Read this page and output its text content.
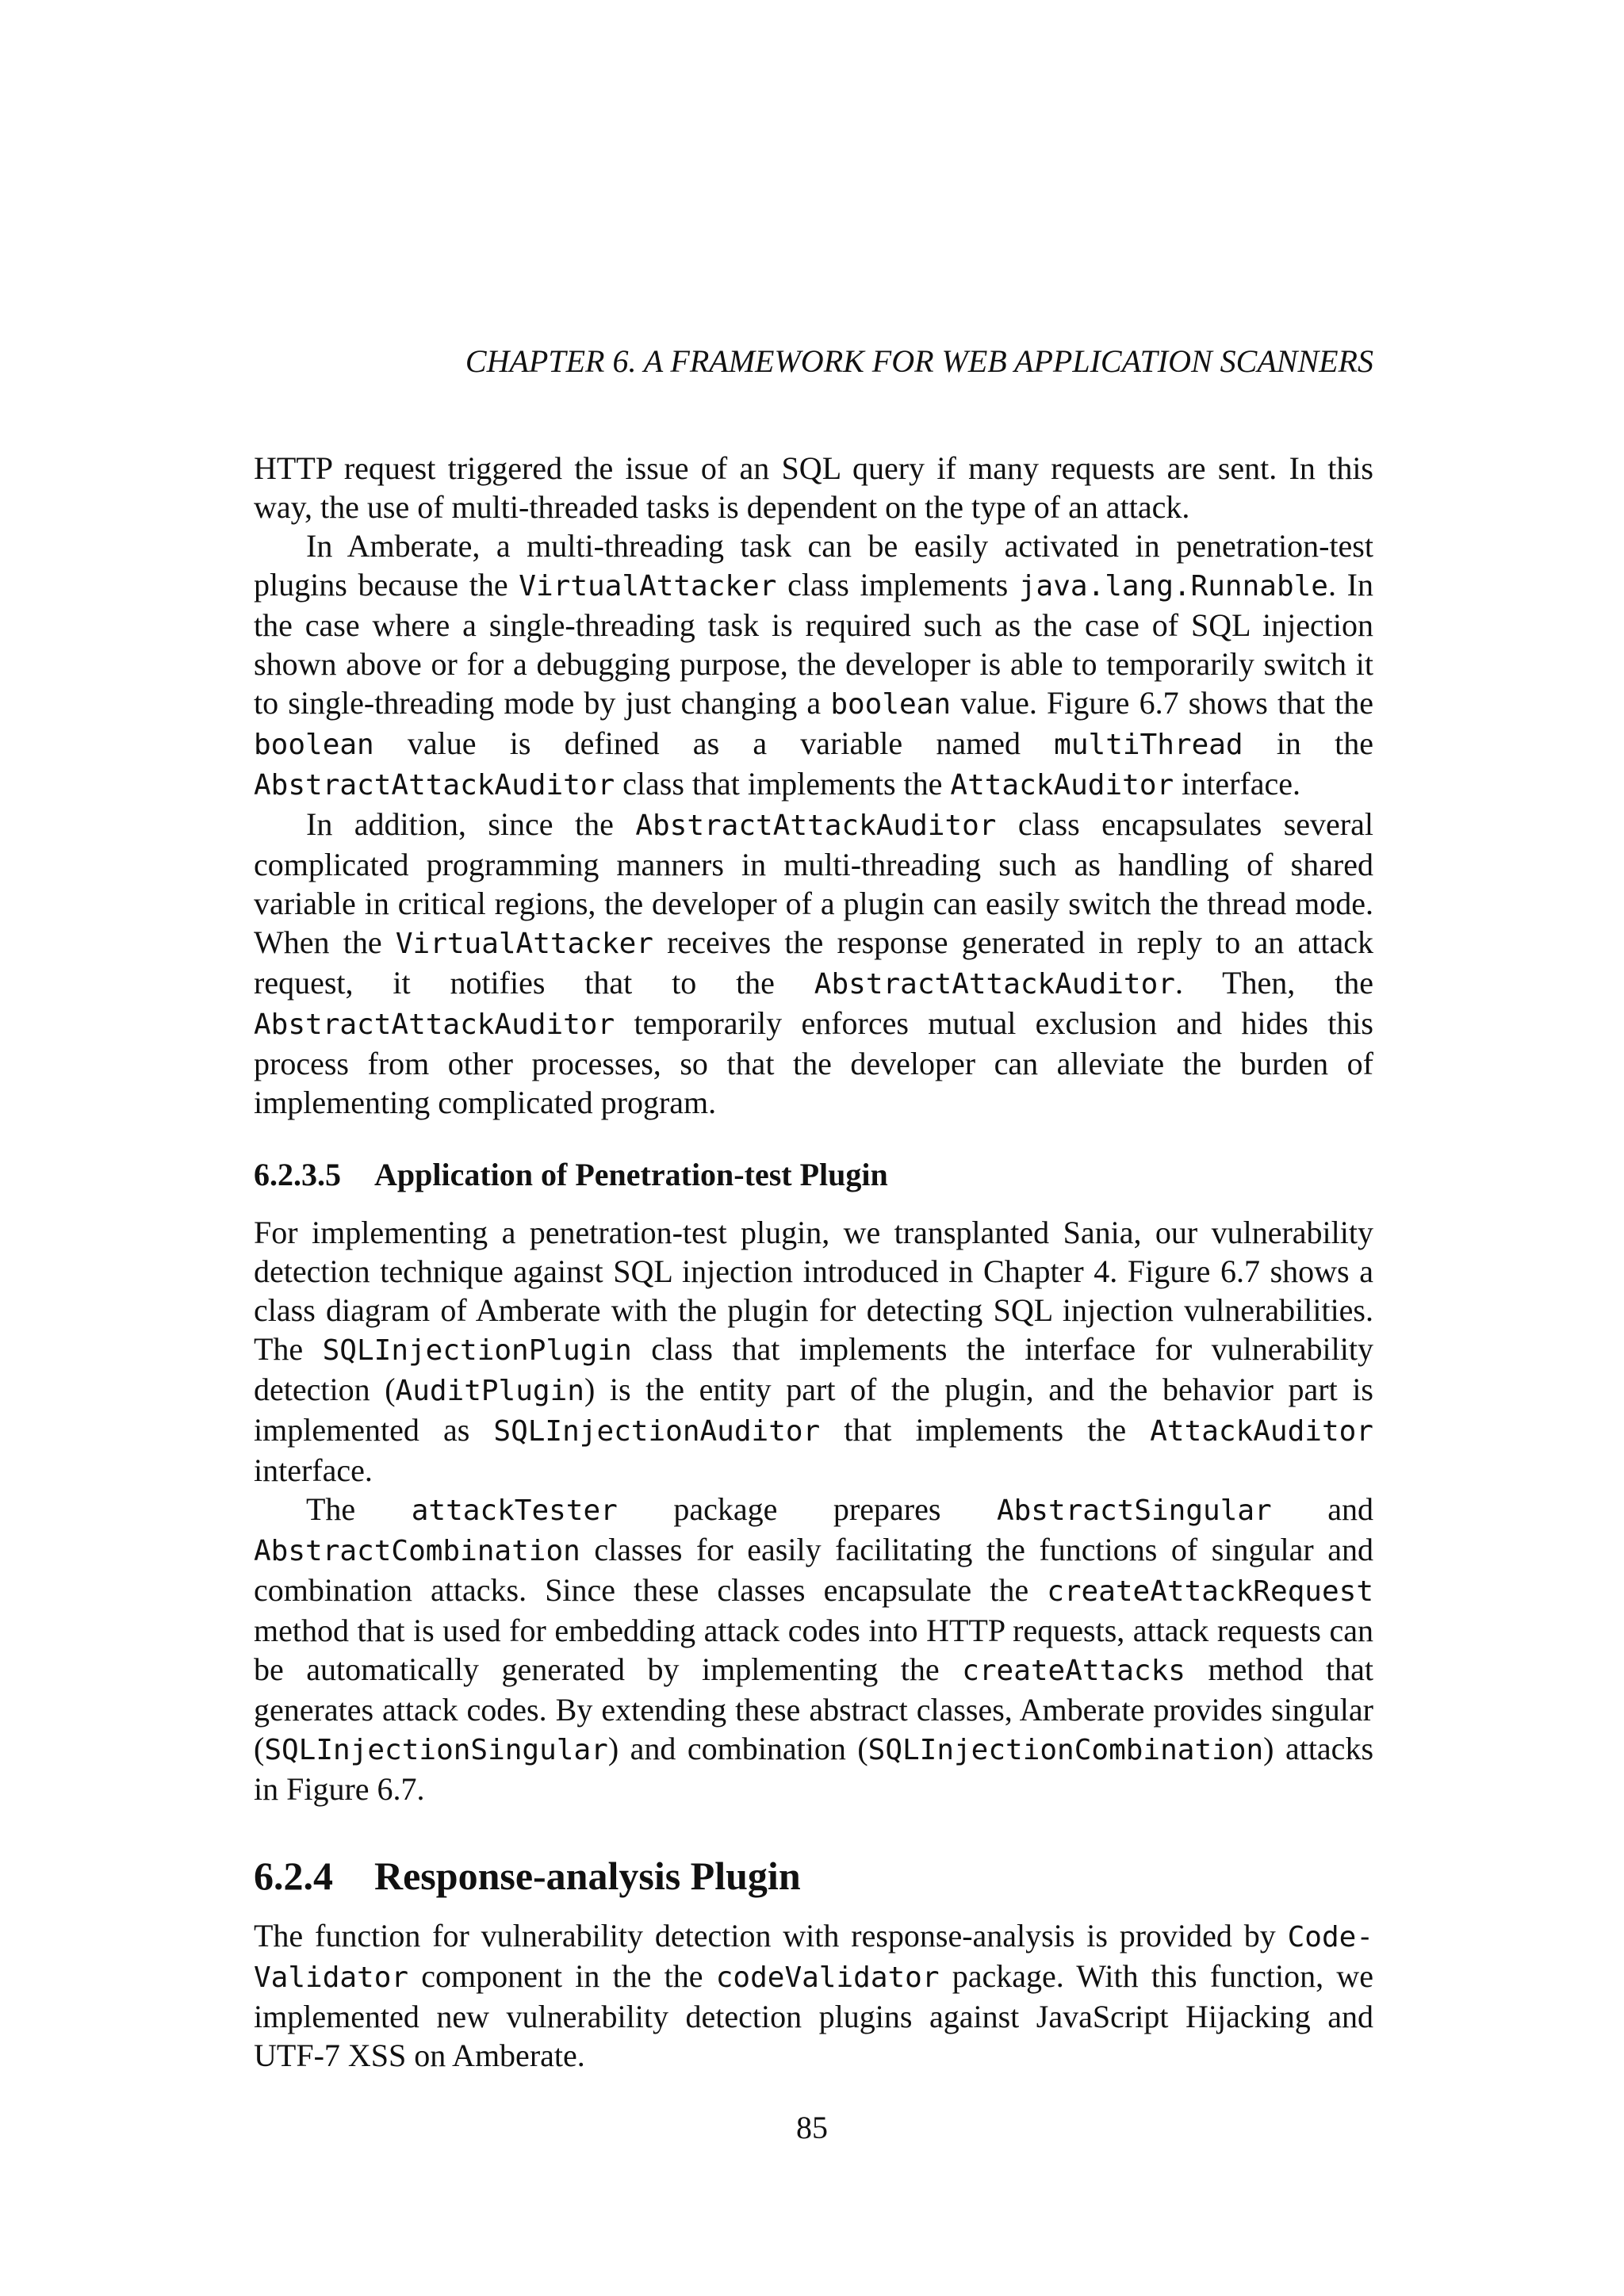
CHAPTER 6. A FRAMEWORK FOR WEB APPLICATION SCANNERS

HTTP request triggered the issue of an SQL query if many requests are sent. In this way, the use of multi-threaded tasks is dependent on the type of an attack.

In Amberate, a multi-threading task can be easily activated in penetration-test plugins because the VirtualAttacker class implements java.lang.Runnable. In the case where a single-threading task is required such as the case of SQL injection shown above or for a debugging purpose, the developer is able to temporarily switch it to single-threading mode by just changing a boolean value. Figure 6.7 shows that the boolean value is defined as a variable named multiThread in the AbstractAttackAuditor class that implements the AttackAuditor interface.

In addition, since the AbstractAttackAuditor class encapsulates several complicated programming manners in multi-threading such as handling of shared variable in critical regions, the developer of a plugin can easily switch the thread mode. When the VirtualAttacker receives the response generated in reply to an attack request, it notifies that to the AbstractAttackAuditor. Then, the AbstractAttackAuditor temporarily enforces mutual exclusion and hides this process from other processes, so that the developer can alleviate the burden of implementing complicated program.

6.2.3.5 Application of Penetration-test Plugin

For implementing a penetration-test plugin, we transplanted Sania, our vulnerability detection technique against SQL injection introduced in Chapter 4. Figure 6.7 shows a class diagram of Amberate with the plugin for detecting SQL injection vulnerabilities. The SQLInjectionPlugin class that implements the interface for vulnerability detection (AuditPlugin) is the entity part of the plugin, and the behavior part is implemented as SQLInjectionAuditor that implements the AttackAuditor interface.

The attackTester package prepares AbstractSingular and AbstractCombination classes for easily facilitating the functions of singular and combination attacks. Since these classes encapsulate the createAttackRequest method that is used for embedding attack codes into HTTP requests, attack requests can be automatically generated by implementing the createAttacks method that generates attack codes. By extending these abstract classes, Amberate provides singular (SQLInjectionSingular) and combination (SQLInjectionCombination) attacks in Figure 6.7.

6.2.4 Response-analysis Plugin

The function for vulnerability detection with response-analysis is provided by CodeValidator component in the the codeValidator package. With this function, we implemented new vulnerability detection plugins against JavaScript Hijacking and UTF-7 XSS on Amberate.

85
